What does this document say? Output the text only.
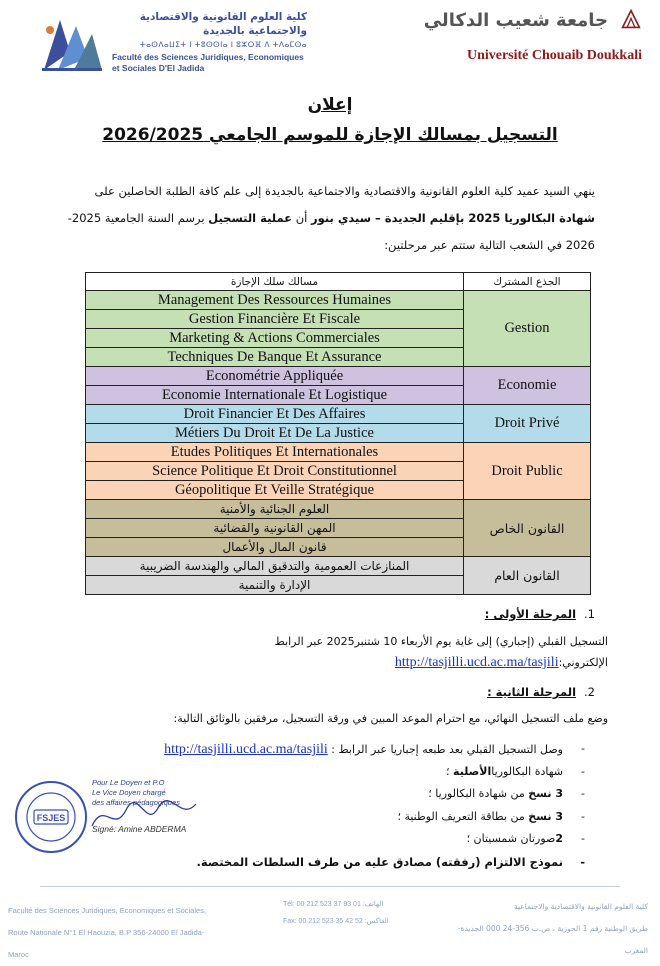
كلية العلوم القانونية والاقتصادية والاجتماعية بالجديدة
ⵜⴰⵙⴷⴰⵡⵉⵜ ⵏ ⵜⵓⵙⵙⵏⴰ ⵏ ⵓⵣⵔⴼ ⴷ ⵜⴷⴰⵎⵙⴰ
Faculté des Sciences Juridiques, Economiques et Sociales D'El Jadida
جامعة شعيب الدكالي
Université Chouaib Doukkali
إعلان
التسجيل بمسالك الإجازة للموسم الجامعي 2026/2025
ينهي السيد عميد كلية العلوم القانونية والاقتصادية والاجتماعية بالجديدة إلى علم كافة الطلبة الحاصلين على
شهادة البكالوريا 2025 بإقليم الجديدة – سيدي بنور أن عملية التسجيل برسم السنة الجامعية 2025-
2026 في الشعب التالية ستتم عبر مرحلتين:
مسالك سلك الإجازة	الجذع المشترك
Management Des Ressources Humaines	Gestion
Gestion Financière Et Fiscale	
Marketing & Actions Commerciales	
Techniques De Banque Et Assurance	
Econométrie Appliquée	Economie
Economie Internationale Et Logistique	
Droit Financier Et Des Affaires	Droit Privé
Métiers Du Droit Et De La Justice	
Etudes Politiques Et Internationales	Droit Public
Science Politique Et Droit Constitutionnel	
Géopolitique Et Veille Stratégique	
العلوم الجنائية والأمنية	القانون الخاص
المهن القانونية والقضائية	
قانون المال والأعمال	
المنازعات العمومية والتدقيق المالي والهندسة الضريبية	القانون العام
الإدارة والتنمية	
1.المرحلة الأولى :
التسجيل القبلي (إجباري) إلى غاية يوم الأربعاء 10 شتنبر2025 عبر الرابط
الإلكتروني:http://tasjilli.ucd.ac.ma/tasjili
2.المرحلة الثانية :
وضع ملف التسجيل النهائي، مع احترام الموعد المبين في ورقة التسجيل، مرفقين بالوثائق التالية:
-
وصل التسجيل القبلي بعد طبعه إجباريا عبر الرابط : http://tasjilli.ucd.ac.ma/tasjili
-
شهادة البكالورياالأصلية ؛
-
3 نسخ من شهادة البكالوريا ؛
-
3 نسخ من بطاقة التعريف الوطنية ؛
-
2صورتان شمسيتان ؛
-
نموذج الالتزام (رفقته) مصادق عليه من طرف السلطات المختصة.
FSJES
Pour Le Doyen et P.O
Le Vice Doyen chargé
des affaires pédagogiques
Signé: Amine ABDERMA
Faculté des Sciences Juridiques, Economiques et Sociales,
Route Nationale N°1 El Haouzia, B.P 356-24000 El Jadida-Maroc
Tél: 00 212 523 37 93 01 :الهاتف
Fax: 00 212 523 35 42 52 :الفاكس
كلية العلوم القانونية والاقتصادية والاجتماعية
طريق الوطنية رقم 1 الحوزية ، ص.ب 356-24 000 الجديدة-المغرب
